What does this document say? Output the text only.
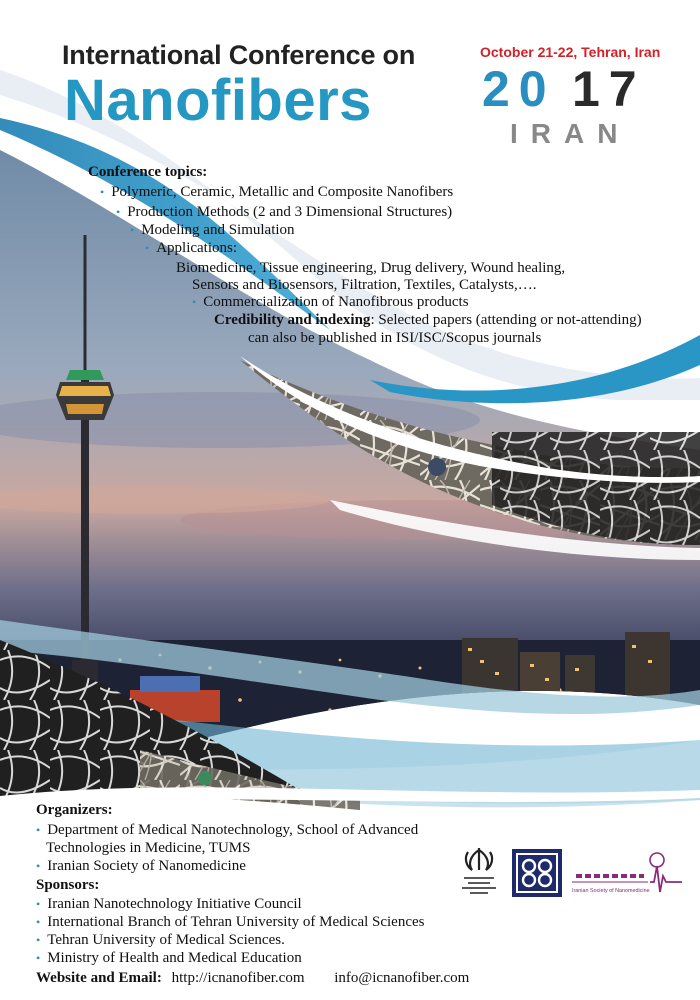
International Conference on
Nanofibers

October 21-22, Tehran, Iran

20 17
IRAN

Conference topics:

• Polymeric, Ceramic, Metallic and Composite Nanofibers
• Production Methods (2 and 3 Dimensional Structures)
• Modeling and Simulation
• Applications:
Biomedicine, Tissue engineering, Drug delivery, Wound healing,
Sensors and Biosensors, Filtration, Textiles, Catalysts,….
• Commercialization of Nanofibrous products
Credibility and indexing: Selected papers (attending or not-attending)

can also be published in ISI/ISC/Scopus journals

Organizers:

• Department of Medical Nanotechnology, School of Advanced
Technologies in Medicine, TUMS
• Iranian Society of Nanomedicine

Sponsors:

• Iranian Nanotechnology Initiative Council
• International Branch of Tehran University of Medical Sciences
• Tehran University of Medical Sciences.
• Ministry of Health and Medical Education
Website and Email: http://icnanofiber.com info@icnanofiber.com
Iranian Society of Nanomedicine
